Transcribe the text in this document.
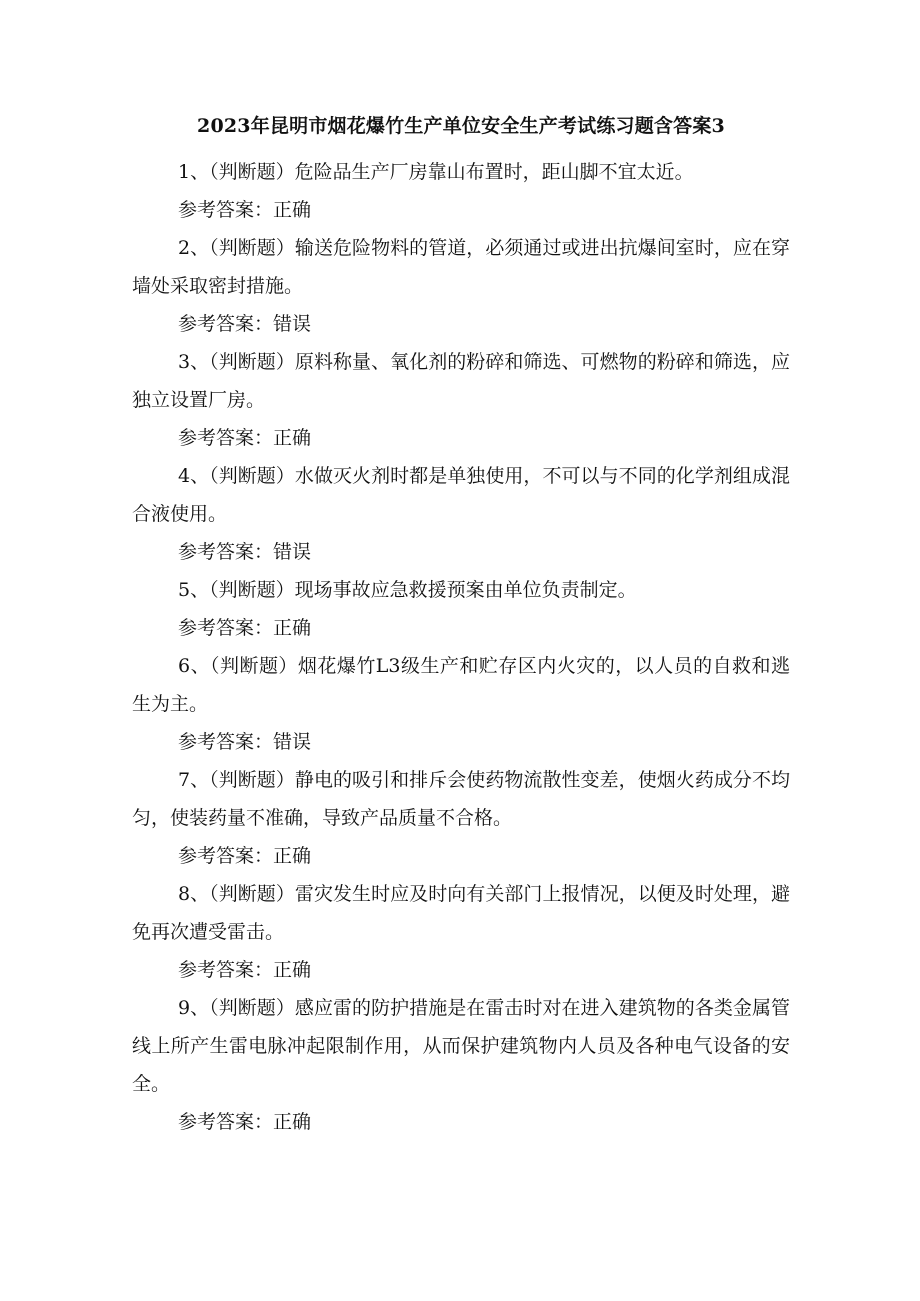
2023年昆明市烟花爆竹生产单位安全生产考试练习题含答案3

1、（判断题）危险品生产厂房靠山布置时，距山脚不宜太近。

参考答案：正确

2、（判断题）输送危险物料的管道，必须通过或进出抗爆间室时，应在穿墙处采取密封措施。

参考答案：错误

3、（判断题）原料称量、氧化剂的粉碎和筛选、可燃物的粉碎和筛选，应独立设置厂房。

参考答案：正确

4、（判断题）水做灭火剂时都是单独使用，不可以与不同的化学剂组成混合液使用。

参考答案：错误

5、（判断题）现场事故应急救援预案由单位负责制定。

参考答案：正确

6、（判断题）烟花爆竹L3级生产和贮存区内火灾的，以人员的自救和逃生为主。

参考答案：错误

7、（判断题）静电的吸引和排斥会使药物流散性变差，使烟火药成分不均匀，使装药量不准确，导致产品质量不合格。

参考答案：正确

8、（判断题）雷灾发生时应及时向有关部门上报情况，以便及时处理，避免再次遭受雷击。

参考答案：正确

9、（判断题）感应雷的防护措施是在雷击时对在进入建筑物的各类金属管线上所产生雷电脉冲起限制作用，从而保护建筑物内人员及各种电气设备的安全。

参考答案：正确
